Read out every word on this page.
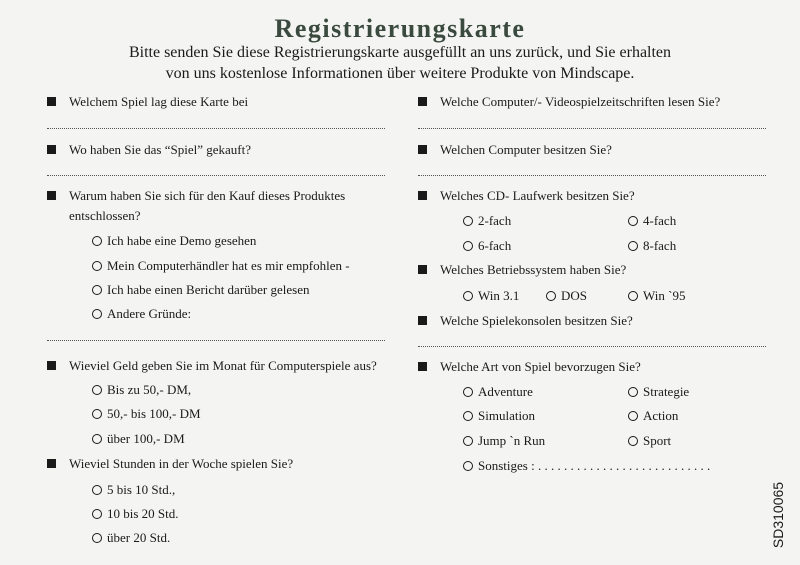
Registrierungskarte
Bitte senden Sie diese Registrierungskarte ausgefüllt an uns zurück, und Sie erhalten
von uns kostenlose Informationen über weitere Produkte von Mindscape.
Welchem Spiel lag diese Karte bei
Wo haben Sie das “Spiel” gekauft?
Warum haben Sie sich für den Kauf dieses Produktes entschlossen?
Ich habe eine Demo gesehen
Mein Computerhändler hat es mir empfohlen -
Ich habe einen Bericht darüber gelesen
Andere Gründe:
Wieviel Geld geben Sie im Monat für Computerspiele aus?
Bis zu 50,- DM,
50,- bis 100,- DM
über 100,- DM
Wieviel Stunden in der Woche spielen Sie?
5 bis 10 Std.,
10 bis 20 Std.
über 20 Std.
Welche Computer/- Videospielzeitschriften lesen Sie?
Welchen Computer besitzen Sie?
Welches CD- Laufwerk besitzen Sie?
2-fach	4-fach
6-fach	8-fach
Welches Betriebssystem haben Sie?
Win 3.1	DOS	Win `95
Welche Spielekonsolen besitzen Sie?
Welche Art von Spiel bevorzugen Sie?
Adventure	Strategie
Simulation	Action
Jump `n Run	Sport
Sonstiges : . . . . . . . . . . . . . . . . . . . . . . . . . . .
SD310065
